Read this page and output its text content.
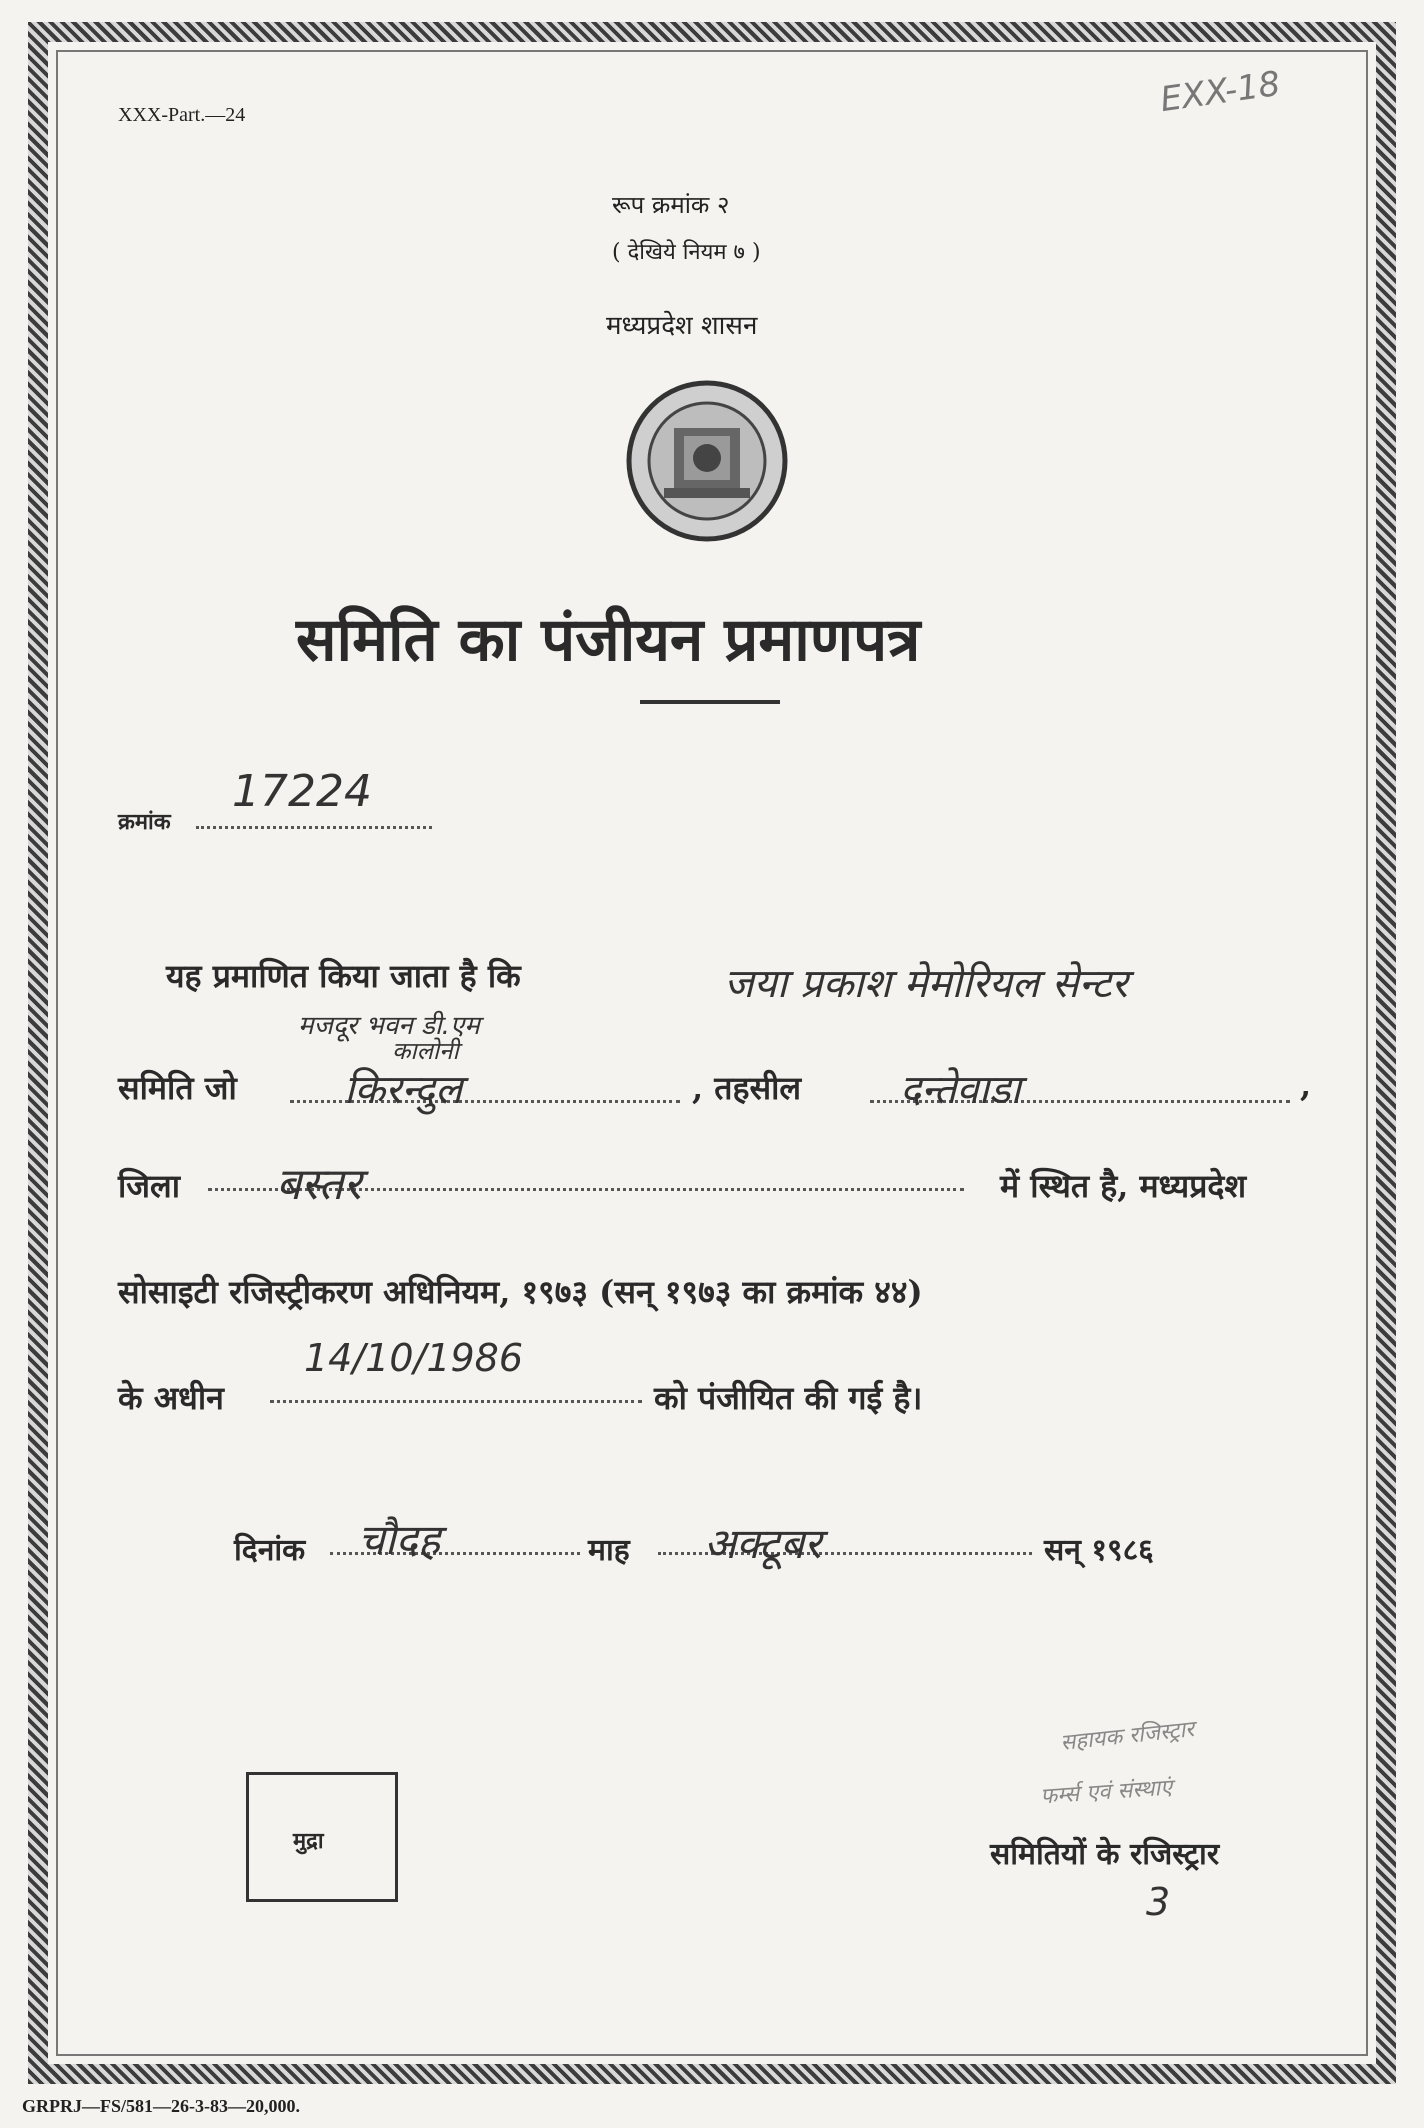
XXX-Part.—24	EXX-18
रूप क्रमांक २
( देखिये नियम ७ )
मध्यप्रदेश शासन
समिति का पंजीयन प्रमाणपत्र
क्रमांक
17224
यह प्रमाणित किया जाता है कि	जया प्रकाश मेमोरियल सेन्टर
मजदूर भवन डी.एम
कालोनी
समिति जो	किरन्दुल	, तहसील दन्तेवाडा	,
जिला बस्तर	में स्थित है, मध्यप्रदेश
सोसाइटी रजिस्ट्रीकरण अधिनियम, १९७३ (सन् १९७३ का क्रमांक ४४)
के अधीन
14/10/1986
को पंजीयित की गई है।
दिनांक चौदह	माह अक्टूबर	सन् १९८६
मुद्रा
सहायक रजिस्ट्रार
फर्म्स एवं संस्थाएं
समितियों के रजिस्ट्रार
3
GRPRJ—FS/581—26-3-83—20,000.
